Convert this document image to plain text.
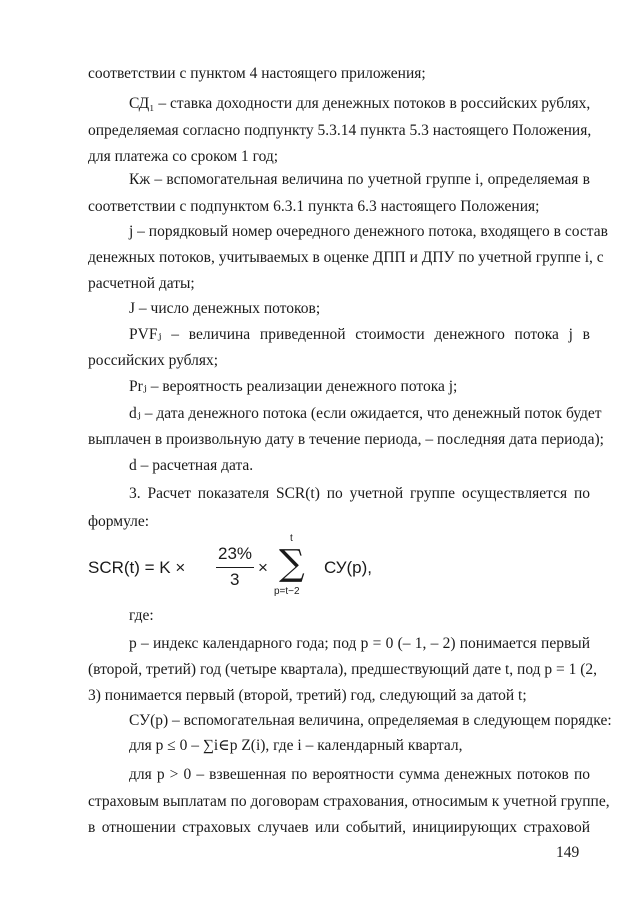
соответствии с пунктом 4 настоящего приложения;
СД₁ – ставка доходности для денежных потоков в российских рублях,
определяемая согласно подпункту 5.3.14 пункта 5.3 настоящего Положения,
для платежа со сроком 1 год;
Кж – вспомогательная величина по учетной группе i, определяемая в
соответствии с подпунктом 6.3.1 пункта 6.3 настоящего Положения;
j – порядковый номер очередного денежного потока, входящего в состав
денежных потоков, учитываемых в оценке ДПП и ДПУ по учетной группе i, с
расчетной даты;
J – число денежных потоков;
PVFⱼ – величина приведенной стоимости денежного потока j в
российских рублях;
Prⱼ – вероятность реализации денежного потока j;
dⱼ – дата денежного потока (если ожидается, что денежный поток будет
выплачен в произвольную дату в течение периода, – последняя дата периода);
d – расчетная дата.
3. Расчет показателя SCR(t) по учетной группе осуществляется по
формуле:
SCR(t) = K ×
23%
3
×
t
∑
p=t−2
СУ(p),
где:
p – индекс календарного года; под p = 0 (– 1, – 2) понимается первый
(второй, третий) год (четыре квартала), предшествующий дате t, под p = 1 (2,
3) понимается первый (второй, третий) год, следующий за датой t;
СУ(p) – вспомогательная величина, определяемая в следующем порядке:
для p ≤ 0 – ∑i∈p Z(i), где i – календарный квартал,
для p > 0 – взвешенная по вероятности сумма денежных потоков по
страховым выплатам по договорам страхования, относимым к учетной группе,
в отношении страховых случаев или событий, инициирующих страховой
149
